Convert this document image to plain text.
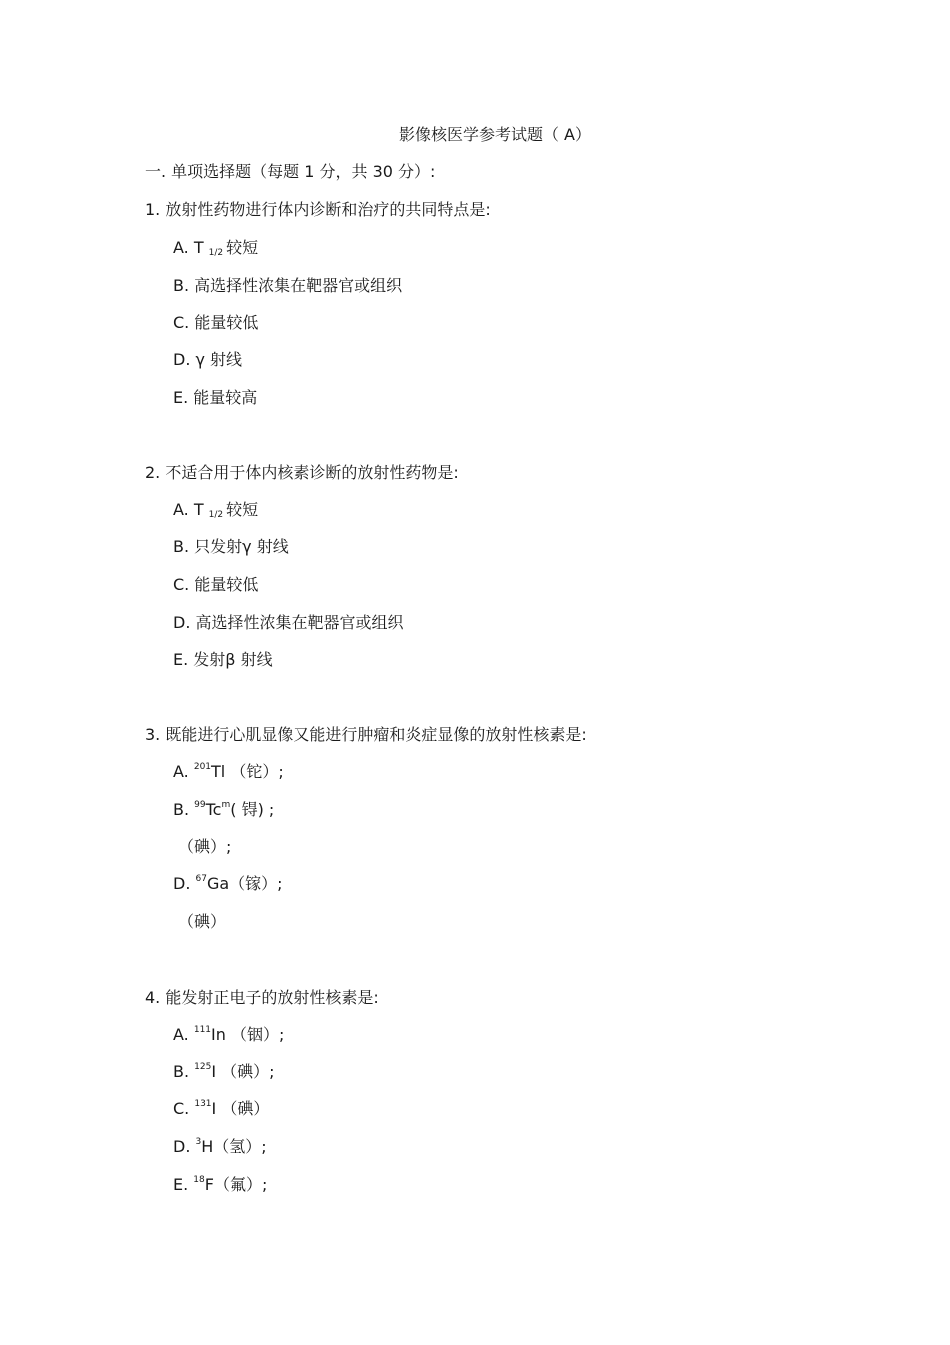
影像核医学参考试题（ A）
一. 单项选择题（每题 1 分，共 30 分）:
1. 放射性药物进行体内诊断和治疗的共同特点是:
A. T $_{1/2}$ 较短
B. 高选择性浓集在靶器官或组织
C. 能量较低
D. γ 射线
E. 能量较高
2. 不适合用于体内核素诊断的放射性药物是:
A. T $_{1/2}$ 较短
B. 只发射γ 射线
C. 能量较低
D. 高选择性浓集在靶器官或组织
E. 发射β 射线
3. 既能进行心肌显像又能进行肿瘤和炎症显像的放射性核素是:
A. $^{201}$Tl （铊）;
B. $^{99}$Tc$^m$( 锝) ;
（碘）;
D. $^{67}$Ga（镓）;
（碘）
4. 能发射正电子的放射性核素是:
A. $^{111}$In （铟）;
B. $^{125}$I （碘）;
C. $^{131}$I （碘）
D. $^3$H（氢）;
E. $^{18}$F（氟）;
